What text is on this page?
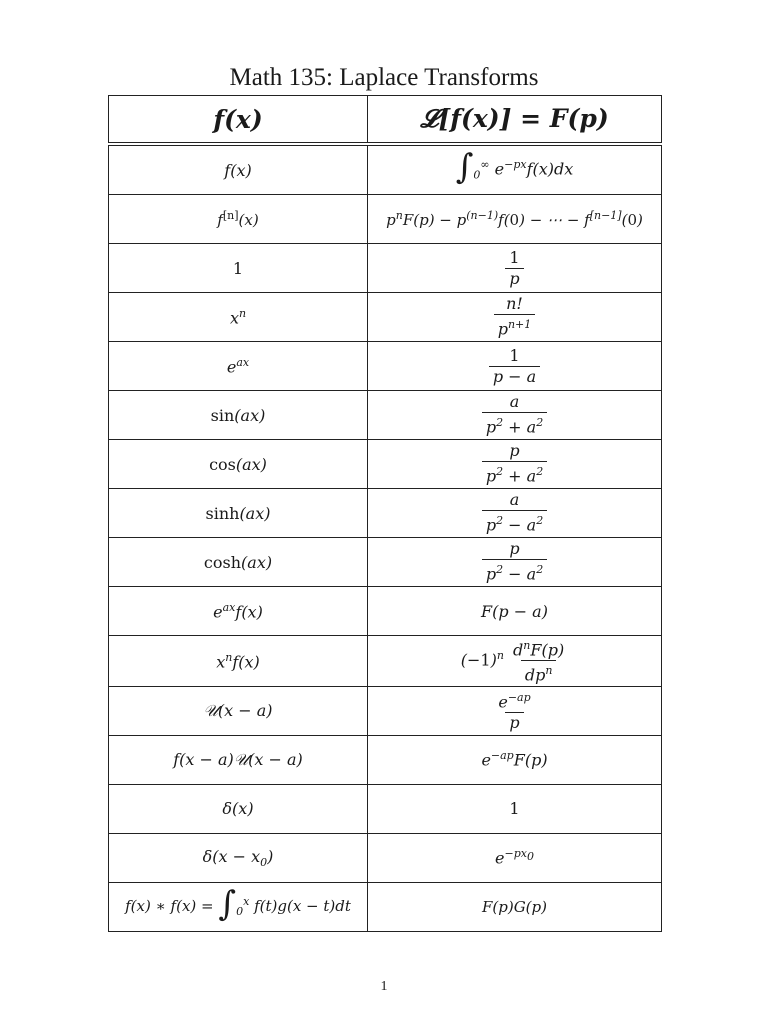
Math 135: Laplace Transforms
𝒇(𝒙)	𝓛[𝒇(𝒙)] = 𝑭(𝒑)

f(x)	$\int_0^\infty$ $e^{-px}f(x)dx$
f[n](x)	$p^nF(p) - p^{(n-1)}f(0)$ − ⋯ − f[n−1](0)
1	$\frac{1}{p}$

$x^n$	$\frac{n!}{p^{n+1}}$

$e^{ax}$	$\frac{1}{p - a}$

sin(ax)	$\frac{a}{p^2 + a^2}$

cos(ax)	$\frac{p}{p^2 + a^2}$

sinh(ax)	$\frac{a}{p^2 - a^2}$

cosh(ax)	$\frac{p}{p^2 - a^2}$

$e^{ax}f(x)$	F(p − a)
$x^nf(x)$	$(-1)^n \frac{d^nF(p)}{dp^n}$

𝒰(x − a)	$\frac{e^{-ap}}{p}$

f(x − a)𝒰(x − a)	$e^{-ap}F(p)$
δ(x)	1
$\delta(x - x_0)$	$e^{-px_0}$
f(x) ∗ $f(x) = \int_0^x$ f(t)g(x − t)dt	F(p)G(p)
1
